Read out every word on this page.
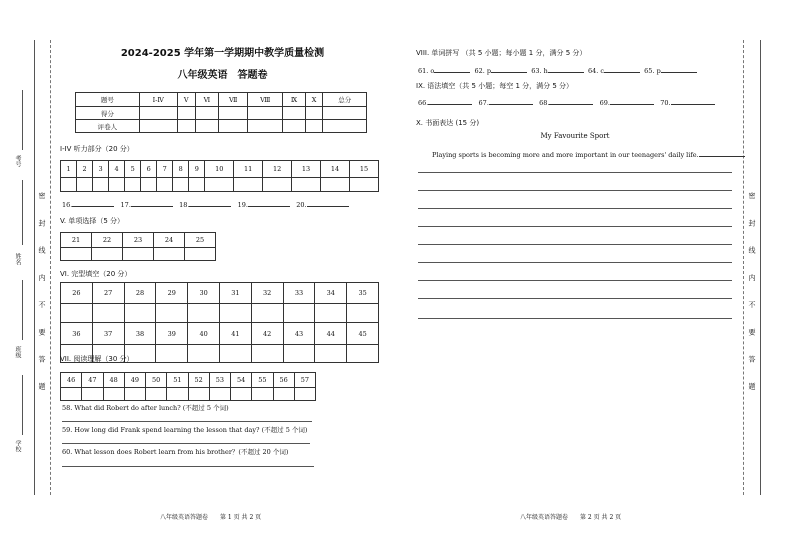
考号
姓名
班级
学校
密 封 线 内 不 要 答 题	密 封 线 内 不 要 答 题
2024-2025 学年第一学期期中教学质量检测
八年级英语　答题卷
题号	Ⅰ-Ⅳ	Ⅴ	Ⅵ	Ⅶ	Ⅷ	Ⅸ	Ⅹ	总分
得分								
评卷人								
I-IV 听力部分（20 分）
1	2	3	4	5	6	7	8	9	10	11	12	13	14	15

16.	17.	18.	19.	20.
V. 单项选择（5 分）
21	22	23	24	25

VI. 完型填空（20 分）
26	27	28	29	30	31	32	33	34	35

36	37	38	39	40	41	42	43	44	45

VII. 阅读理解（30 分）
46	47	48	49	50	51	52	53	54	55	56	57

58. What did Robert do after lunch? (不超过 5 个词)
59. How long did Frank spend learning the lesson that day? (不超过 5 个词)
60. What lesson does Robert learn from his brother？(不超过 20 个词)
八年级英语答题卷　　第 1 页 共 2 页
VIII. 单词拼写 （共 5 小题；每小题 1 分，满分 5 分）
61. o	62. p	63. h	64. c	65. p
IX. 语法填空（共 5 小题；每空 1 分，满分 5 分）
66.	67.	68.	69.	70.
X. 书面表达 (15 分)
My Favourite Sport
Playing sports is becoming more and more important in our teenagers' daily life.
八年级英语答题卷　　第 2 页 共 2 页
